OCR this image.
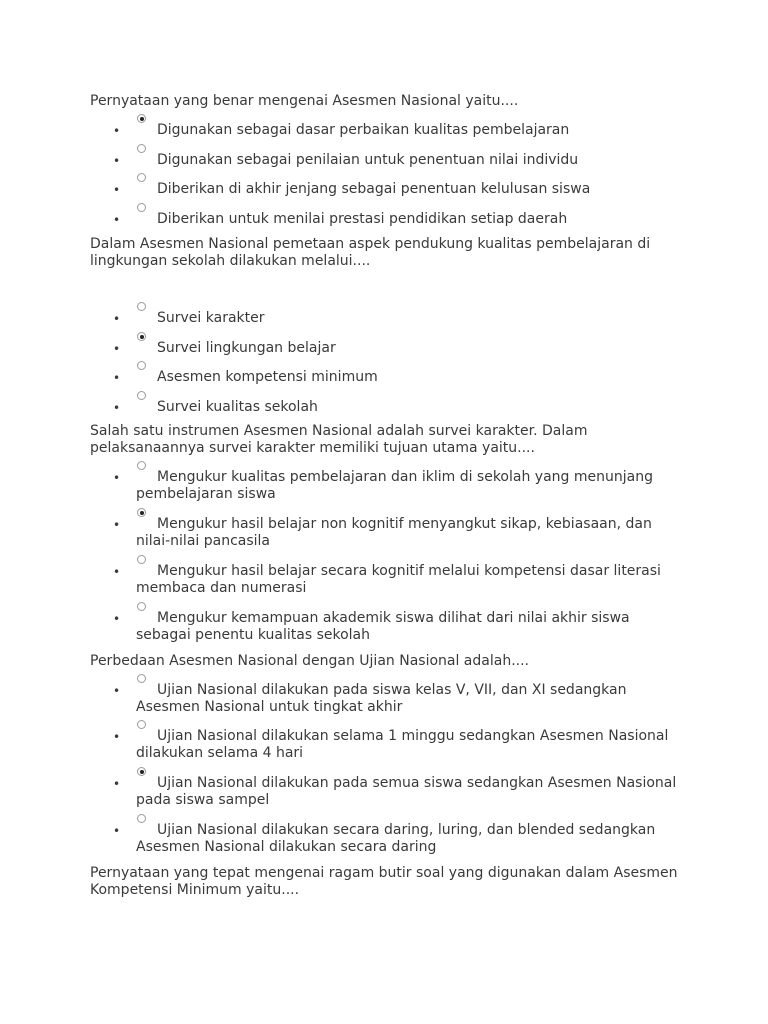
Pernyataan yang benar mengenai Asesmen Nasional yaitu....

•	Digunakan sebagai dasar perbaikan kualitas pembelajaran
•	Digunakan sebagai penilaian untuk penentuan nilai individu
•	Diberikan di akhir jenjang sebagai penentuan kelulusan siswa
•	Diberikan untuk menilai prestasi pendidikan setiap daerah

Dalam Asesmen Nasional pemetaan aspek pendukung kualitas pembelajaran di lingkungan sekolah dilakukan melalui....

•	Survei karakter
•	Survei lingkungan belajar
•	Asesmen kompetensi minimum
•	Survei kualitas sekolah

Salah satu instrumen Asesmen Nasional adalah survei karakter. Dalam pelaksanaannya survei karakter memiliki tujuan utama yaitu....

•	Mengukur kualitas pembelajaran dan iklim di sekolah yang menunjang pembelajaran siswa
•	Mengukur hasil belajar non kognitif menyangkut sikap, kebiasaan, dan nilai-nilai pancasila
•	Mengukur hasil belajar secara kognitif melalui kompetensi dasar literasi membaca dan numerasi
•	Mengukur kemampuan akademik siswa dilihat dari nilai akhir siswa sebagai penentu kualitas sekolah

Perbedaan Asesmen Nasional dengan Ujian Nasional adalah....

•	Ujian Nasional dilakukan pada siswa kelas V, VII, dan XI sedangkan Asesmen Nasional untuk tingkat akhir
•	Ujian Nasional dilakukan selama 1 minggu sedangkan Asesmen Nasional dilakukan selama 4 hari
•	Ujian Nasional dilakukan pada semua siswa sedangkan Asesmen Nasional pada siswa sampel
•	Ujian Nasional dilakukan secara daring, luring, dan blended sedangkan Asesmen Nasional dilakukan secara daring

Pernyataan yang tepat mengenai ragam butir soal yang digunakan dalam Asesmen Kompetensi Minimum yaitu....
